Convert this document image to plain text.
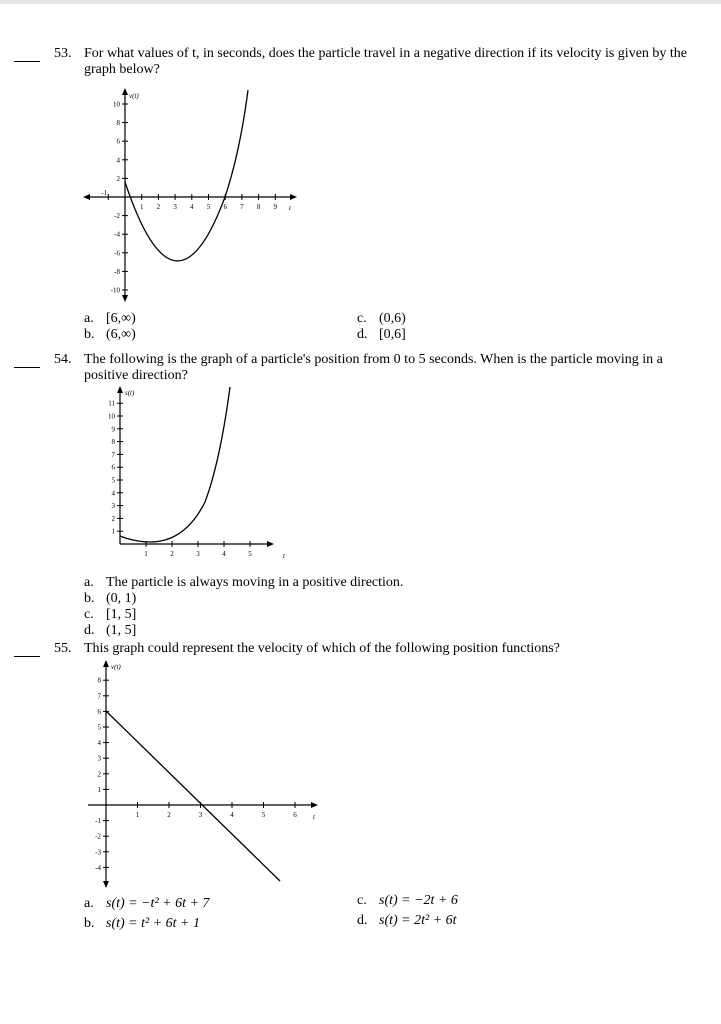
53. For what values of t, in seconds, does the particle travel in a negative direction if its velocity is given by the graph below?
v(t)
t
1 2 3 4 5 6 7 8 9
-1
10
8
6
4
2
-2
-4
-6
-8
-10
a. [6,∞)
b. (6,∞)
c. (0,6)
d. [0,6]
54. The following is the graph of a particle's position from 0 to 5 seconds. When is the particle moving in a positive direction?
s(t)
t
1	2	3	4	5
11
10
9
8
7
6
5
4
3
2
1
a. The particle is always moving in a positive direction.
b. (0, 1)
c. [1, 5]
d. (1, 5]
55. This graph could represent the velocity of which of the following position functions?
v(t)
t
1	2	3	4	5	6
8
7
6
5
4
3
2
1
-1
-2
-3
-4
a. s(t) = −t² + 6t + 7
b. s(t) = t² + 6t + 1
c. s(t) = −2t + 6
d. s(t) = 2t² + 6t
